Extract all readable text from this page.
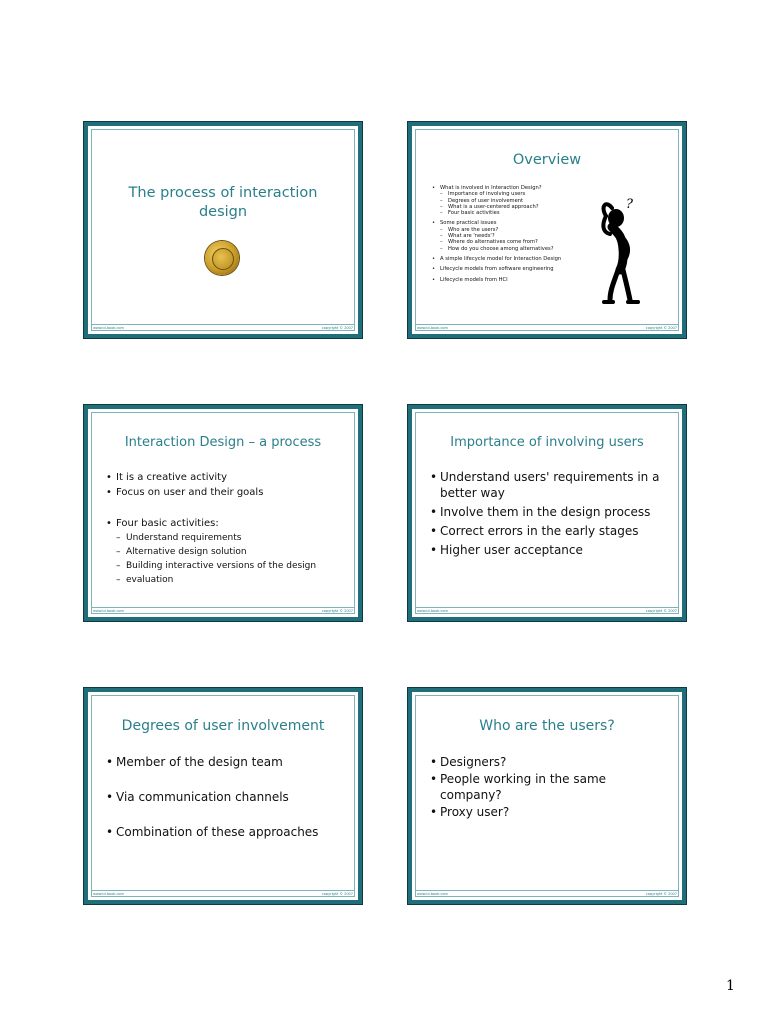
The process of interaction design
www.id-book.com	copyright © 2007
Overview
• What is involved in Interaction Design?
– Importance of involving users
– Degrees of user involvement
– What is a user-centered approach?
– Four basic activities
• Some practical issues
– Who are the users?
– What are 'needs'?
– Where do alternatives come from?
– How do you choose among alternatives?
• A simple lifecycle model for Interaction Design
• Lifecycle models from software engineering
• Lifecycle models from HCI
?
www.id-book.com	copyright © 2007
Interaction Design – a process
• It is a creative activity
• Focus on user and their goals
• Four basic activities:
– Understand requirements
– Alternative design solution
– Building interactive versions of the design
– evaluation
www.id-book.com	copyright © 2007
Importance of involving users
• Understand users' requirements in a better way
• Involve them in the design process
• Correct errors in the early stages
• Higher user acceptance
www.id-book.com	copyright © 2007
Degrees of user involvement
• Member of the design team
• Via communication channels
• Combination of these approaches
www.id-book.com	copyright © 2007
Who are the users?
• Designers?
• People working in the same company?
• Proxy user?
www.id-book.com	copyright © 2007
1
